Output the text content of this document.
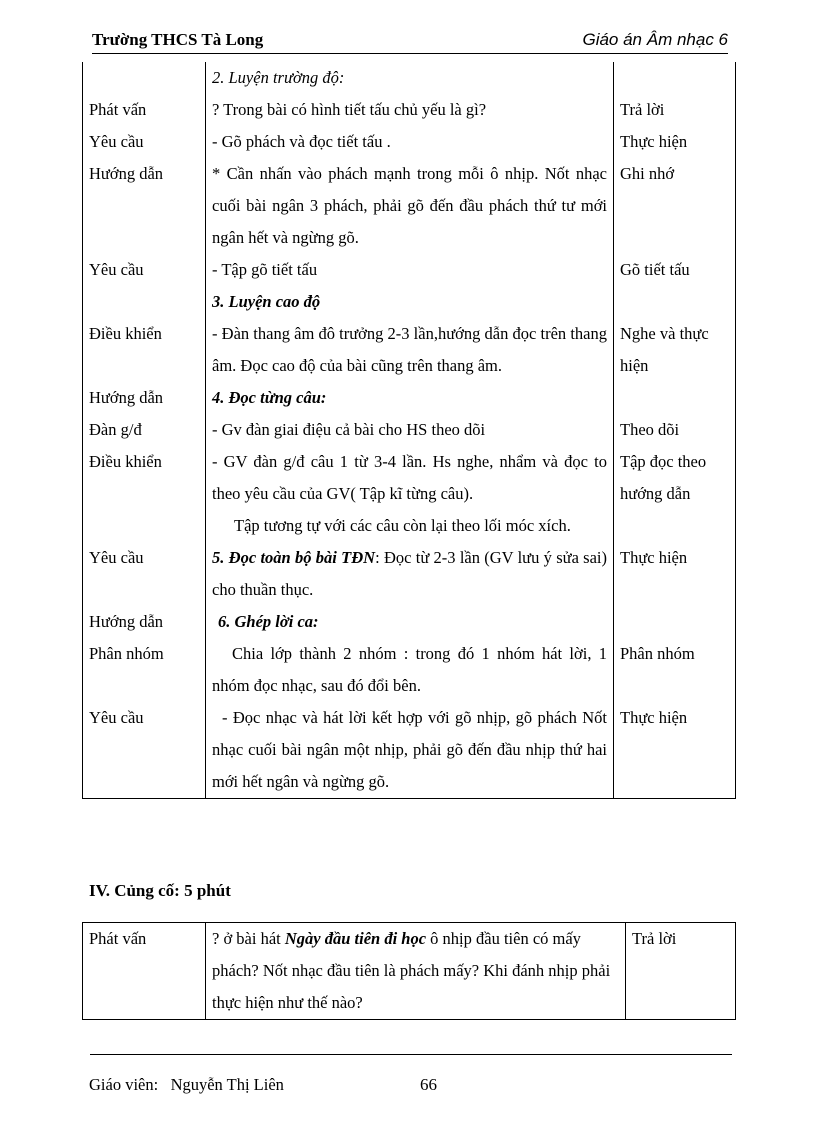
Trường THCS Tà Long	Giáo án Âm nhạc 6
	2. Luyện trường độ:	
Phát vấn	? Trong bài có hình tiết tấu chủ yếu là gì?	Trả lời
Yêu cầu	- Gõ phách và đọc tiết tấu .	Thực hiện
Hướng dẫn	* Cần nhấn vào phách mạnh trong mỗi ô nhịp. Nốt nhạc cuối bài ngân 3 phách, phải gõ đến đầu phách thứ tư mới ngân hết và ngừng gõ.	Ghi nhớ
Yêu cầu	- Tập gõ tiết tấu	Gõ tiết tấu
	3. Luyện cao độ	
Điều khiển	- Đàn thang âm đô trưởng 2-3 lần,hướng dẫn đọc trên thang âm. Đọc cao độ của bài cũng trên thang âm.	Nghe và thực hiện
Hướng dẫn	4. Đọc từng câu:	
Đàn g/đ	- Gv đàn giai điệu cả bài cho HS theo dõi	Theo dõi
Điều khiển	- GV đàn g/đ câu 1 từ 3-4 lần. Hs nghe, nhẩm và đọc to theo yêu cầu của GV( Tập kĩ từng câu).	Tập đọc theo hướng dẫn
	Tập tương tự với các câu còn lại theo lối móc xích.	
Yêu cầu	5. Đọc toàn bộ bài TĐN: Đọc từ 2-3 lần (GV lưu ý sửa sai) cho thuần thục.	Thực hiện
Hướng dẫn	6. Ghép lời ca:	
Phân nhóm	Chia lớp thành 2 nhóm : trong đó 1 nhóm hát lời, 1 nhóm đọc nhạc, sau đó đổi bên.	Phân nhóm
Yêu cầu	- Đọc nhạc và hát lời kết hợp với gõ nhịp, gõ phách Nốt nhạc cuối bài ngân một nhịp, phải gõ đến đầu nhịp thứ hai mới hết ngân và ngừng gõ.	Thực hiện
IV. Củng cố: 5 phút
Phát vấn	? ở bài hát Ngày đầu tiên đi học ô nhịp đầu tiên có mấy phách? Nốt nhạc đầu tiên là phách mấy? Khi đánh nhịp phải thực hiện như thế nào?	Trả lời
Giáo viên:   Nguyễn Thị Liên	66
